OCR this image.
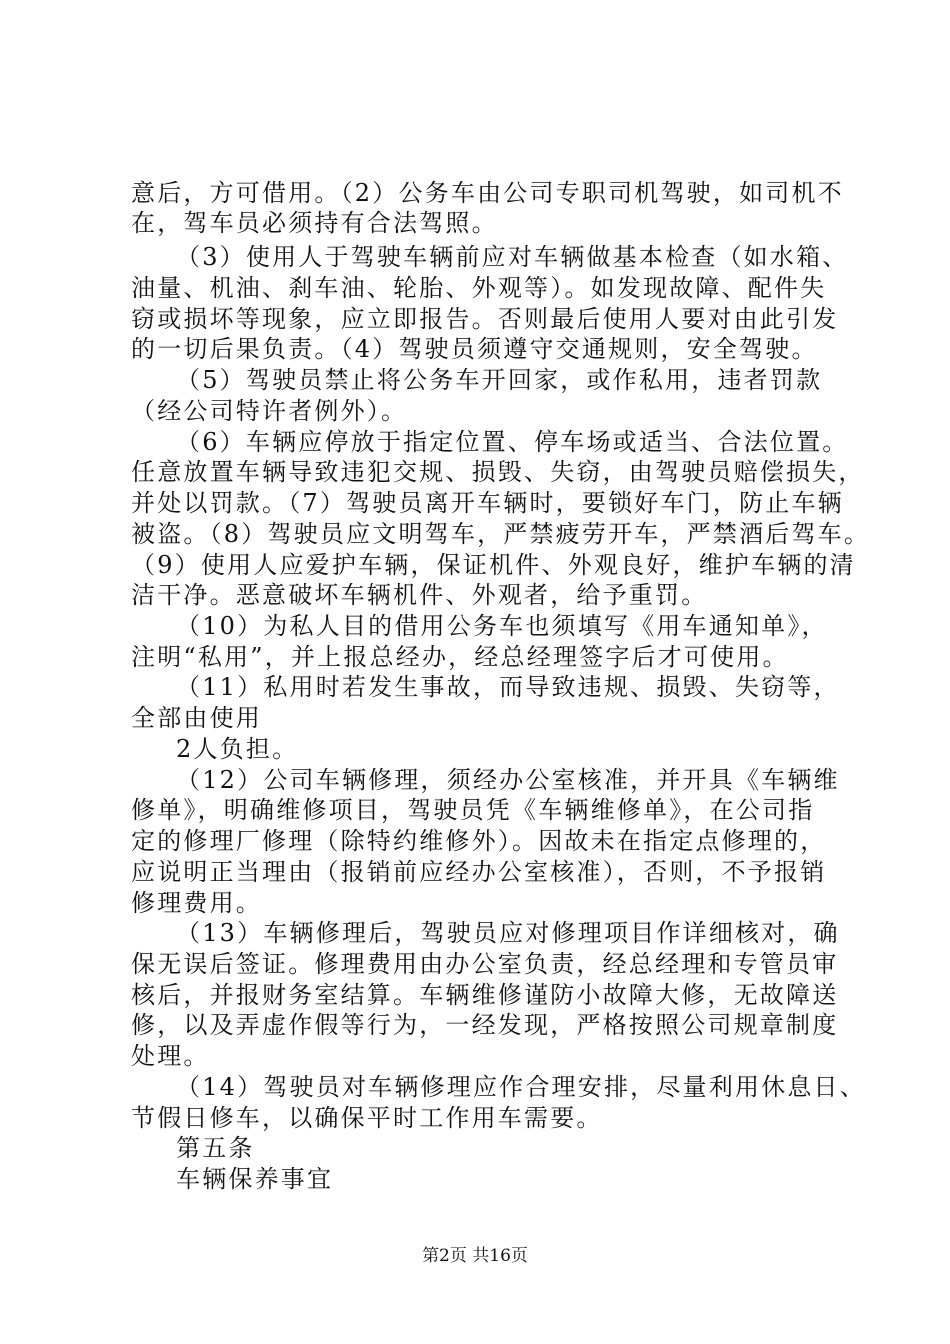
意后，方可借用。（2）公务车由公司专职司机驾驶，如司机不
在，驾车员必须持有合法驾照。
（3）使用人于驾驶车辆前应对车辆做基本检查（如水箱、
油量、机油、刹车油、轮胎、外观等）。如发现故障、配件失
窃或损坏等现象，应立即报告。否则最后使用人要对由此引发
的一切后果负责。（4）驾驶员须遵守交通规则，安全驾驶。
（5）驾驶员禁止将公务车开回家，或作私用，违者罚款
（经公司特许者例外）。
（6）车辆应停放于指定位置、停车场或适当、合法位置。
任意放置车辆导致违犯交规、损毁、失窃，由驾驶员赔偿损失，
并处以罚款。（7）驾驶员离开车辆时，要锁好车门，防止车辆
被盗。（8）驾驶员应文明驾车，严禁疲劳开车，严禁酒后驾车。
（9）使用人应爱护车辆，保证机件、外观良好，维护车辆的清
洁干净。恶意破坏车辆机件、外观者，给予重罚。
（10）为私人目的借用公务车也须填写《用车通知单》，
注明“私用”，并上报总经办，经总经理签字后才可使用。
（11）私用时若发生事故，而导致违规、损毁、失窃等，
全部由使用
2人负担。
（12）公司车辆修理，须经办公室核准，并开具《车辆维
修单》，明确维修项目，驾驶员凭《车辆维修单》，在公司指
定的修理厂修理（除特约维修外）。因故未在指定点修理的，
应说明正当理由（报销前应经办公室核准），否则，不予报销
修理费用。
（13）车辆修理后，驾驶员应对修理项目作详细核对，确
保无误后签证。修理费用由办公室负责，经总经理和专管员审
核后，并报财务室结算。车辆维修谨防小故障大修，无故障送
修，以及弄虚作假等行为，一经发现，严格按照公司规章制度
处理。
（14）驾驶员对车辆修理应作合理安排，尽量利用休息日、
节假日修车，以确保平时工作用车需要。
第五条
车辆保养事宜
第2页 共16页
